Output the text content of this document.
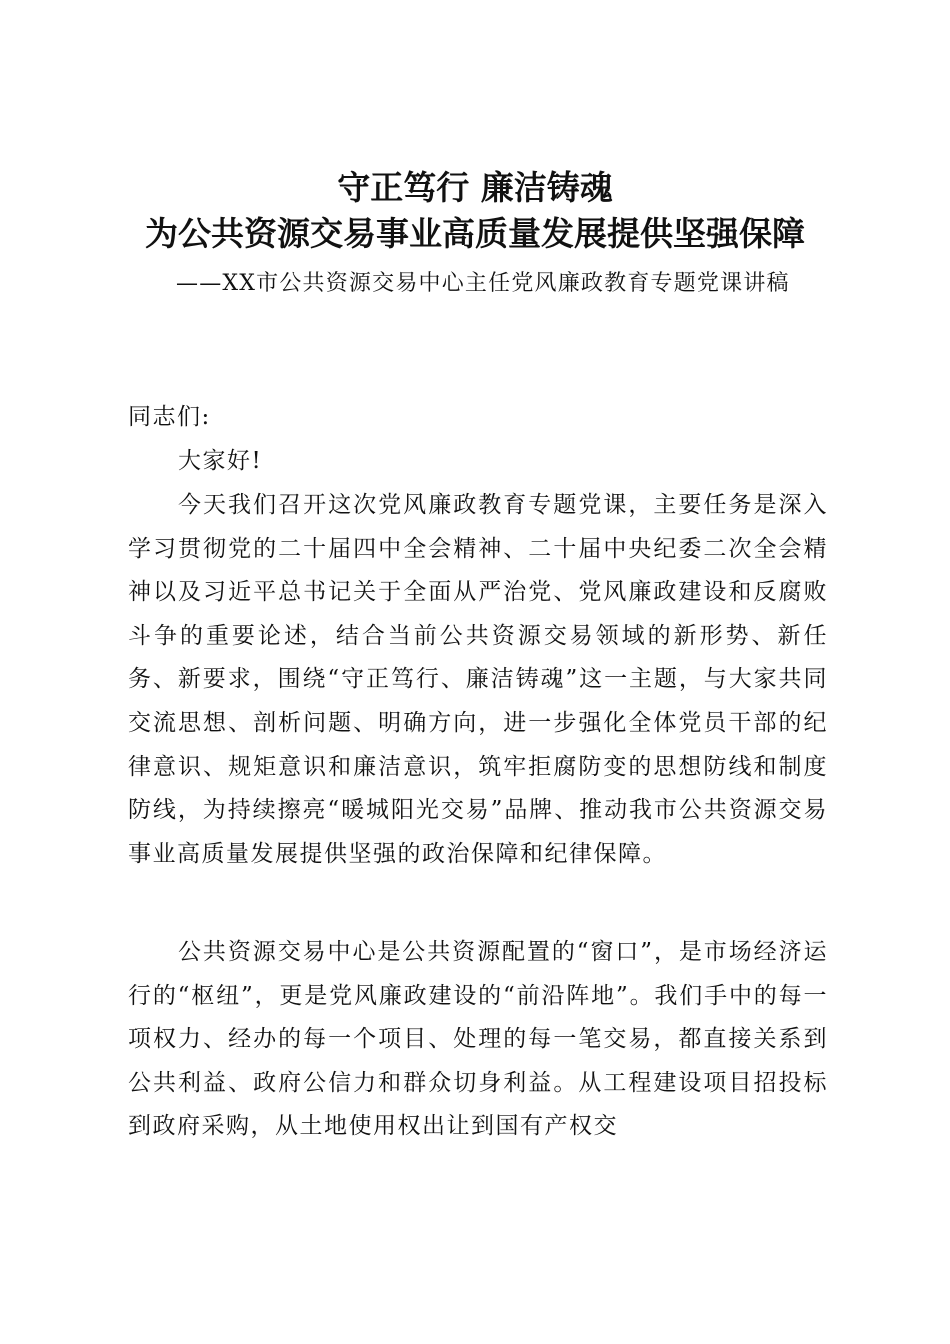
守正笃行 廉洁铸魂
为公共资源交易事业高质量发展提供坚强保障
——XX市公共资源交易中心主任党风廉政教育专题党课讲稿
同志们:
大家好!

今天我们召开这次党风廉政教育专题党课，主要任务是深入学习贯彻党的二十届四中全会精神、二十届中央纪委二次全会精神以及习近平总书记关于全面从严治党、党风廉政建设和反腐败斗争的重要论述，结合当前公共资源交易领域的新形势、新任务、新要求，围绕“守正笃行、廉洁铸魂”这一主题，与大家共同交流思想、剖析问题、明确方向，进一步强化全体党员干部的纪律意识、规矩意识和廉洁意识，筑牢拒腐防变的思想防线和制度防线，为持续擦亮“暖城阳光交易”品牌、推动我市公共资源交易事业高质量发展提供坚强的政治保障和纪律保障。

公共资源交易中心是公共资源配置的“窗口”，是市场经济运行的“枢纽”，更是党风廉政建设的“前沿阵地”。我们手中的每一项权力、经办的每一个项目、处理的每一笔交易，都直接关系到公共利益、政府公信力和群众切身利益。从工程建设项目招投标到政府采购，从土地使用权出让到国有产权交
